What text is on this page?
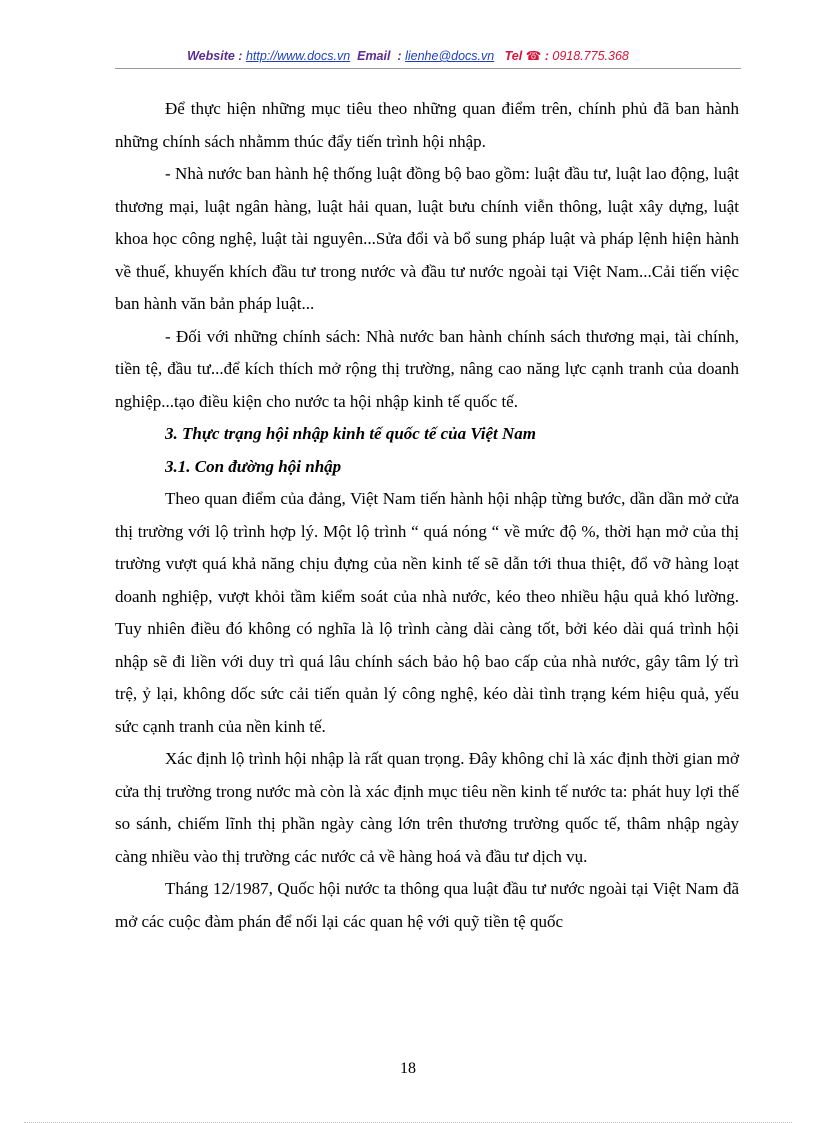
Website : http://www.docs.vn Email : lienhe@docs.vn Tel ☎ : 0918.775.368

Để thực hiện những mục tiêu theo những quan điểm trên, chính phủ đã ban hành những chính sách nhằmm thúc đẩy tiến trình hội nhập.

- Nhà nước ban hành hệ thống luật đồng bộ bao gồm: luật đầu tư, luật lao động, luật thương mại, luật ngân hàng, luật hải quan, luật bưu chính viễn thông, luật xây dựng, luật khoa học công nghệ, luật tài nguyên...Sửa đổi và bổ sung pháp luật và pháp lệnh hiện hành về thuế, khuyến khích đầu tư trong nước và đầu tư nước ngoài tại Việt Nam...Cải tiến việc ban hành văn bản pháp luật...

- Đối với những chính sách: Nhà nước ban hành chính sách thương mại, tài chính, tiền tệ, đầu tư...để kích thích mở rộng thị trường, nâng cao năng lực cạnh tranh của doanh nghiệp...tạo điều kiện cho nước ta hội nhập kinh tế quốc tế.

3. Thực trạng hội nhập kinh tế quốc tế của Việt Nam
3.1. Con đường hội nhập

Theo quan điểm của đảng, Việt Nam tiến hành hội nhập từng bước, dần dần mở cửa thị trường với lộ trình hợp lý. Một lộ trình “ quá nóng “ về mức độ %, thời hạn mở của thị trường vượt quá khả năng chịu đựng của nền kinh tế sẽ dẫn tới thua thiệt, đổ vỡ hàng loạt doanh nghiệp, vượt khỏi tầm kiểm soát của nhà nước, kéo theo nhiều hậu quả khó lường. Tuy nhiên điều đó không có nghĩa là lộ trình càng dài càng tốt, bởi kéo dài quá trình hội nhập sẽ đi liền với duy trì quá lâu chính sách bảo hộ bao cấp của nhà nước, gây tâm lý trì trệ, ỷ lại, không dốc sức cải tiến quản lý công nghệ, kéo dài tình trạng kém hiệu quả, yếu sức cạnh tranh của nền kinh tế.

Xác định lộ trình hội nhập là rất quan trọng. Đây không chỉ là xác định thời gian mở cửa thị trường trong nước mà còn là xác định mục tiêu nền kinh tế nước ta: phát huy lợi thế so sánh, chiếm lĩnh thị phần ngày càng lớn trên thương trường quốc tế, thâm nhập ngày càng nhiều vào thị trường các nước cả về hàng hoá và đầu tư dịch vụ.

Tháng 12/1987, Quốc hội nước ta thông qua luật đầu tư nước ngoài tại Việt Nam đã mở các cuộc đàm phán để nối lại các quan hệ với quỹ tiền tệ quốc

18
